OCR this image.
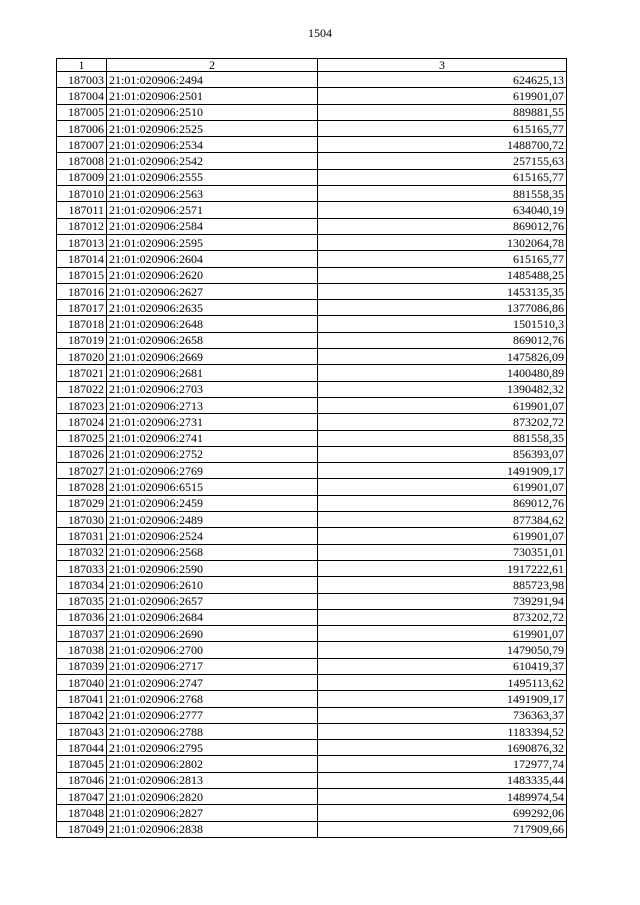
1504
1	2	3
187003	21:01:020906:2494	624625,13
187004	21:01:020906:2501	619901,07
187005	21:01:020906:2510	889881,55
187006	21:01:020906:2525	615165,77
187007	21:01:020906:2534	1488700,72
187008	21:01:020906:2542	257155,63
187009	21:01:020906:2555	615165,77
187010	21:01:020906:2563	881558,35
187011	21:01:020906:2571	634040,19
187012	21:01:020906:2584	869012,76
187013	21:01:020906:2595	1302064,78
187014	21:01:020906:2604	615165,77
187015	21:01:020906:2620	1485488,25
187016	21:01:020906:2627	1453135,35
187017	21:01:020906:2635	1377086,86
187018	21:01:020906:2648	1501510,3
187019	21:01:020906:2658	869012,76
187020	21:01:020906:2669	1475826,09
187021	21:01:020906:2681	1400480,89
187022	21:01:020906:2703	1390482,32
187023	21:01:020906:2713	619901,07
187024	21:01:020906:2731	873202,72
187025	21:01:020906:2741	881558,35
187026	21:01:020906:2752	856393,07
187027	21:01:020906:2769	1491909,17
187028	21:01:020906:6515	619901,07
187029	21:01:020906:2459	869012,76
187030	21:01:020906:2489	877384,62
187031	21:01:020906:2524	619901,07
187032	21:01:020906:2568	730351,01
187033	21:01:020906:2590	1917222,61
187034	21:01:020906:2610	885723,98
187035	21:01:020906:2657	739291,94
187036	21:01:020906:2684	873202,72
187037	21:01:020906:2690	619901,07
187038	21:01:020906:2700	1479050,79
187039	21:01:020906:2717	610419,37
187040	21:01:020906:2747	1495113,62
187041	21:01:020906:2768	1491909,17
187042	21:01:020906:2777	736363,37
187043	21:01:020906:2788	1183394,52
187044	21:01:020906:2795	1690876,32
187045	21:01:020906:2802	172977,74
187046	21:01:020906:2813	1483335,44
187047	21:01:020906:2820	1489974,54
187048	21:01:020906:2827	699292,06
187049	21:01:020906:2838	717909,66
